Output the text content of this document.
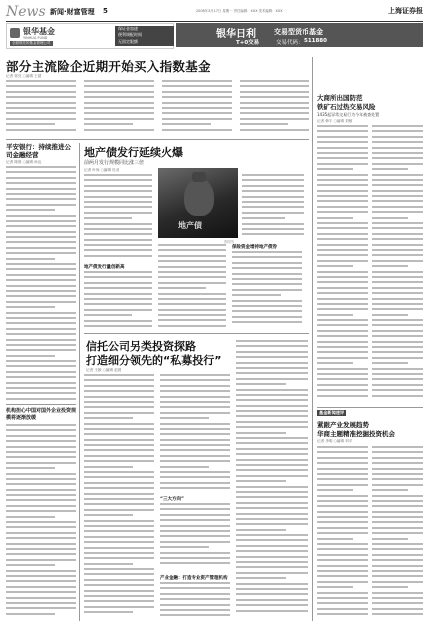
News 新闻·财富管理 5	2008年3月17日 星期一 责任编辑：XXX 美术编辑：XXX	上海证券报
银华基金
YINHUA FUND
全面领先的基金管理公司
保证金加速
便利调配时间
无固定限额
银华日利	交易型货币基金
T+0交易	交易代码： 511880
部分主流险企近期开始买入指数基金
记者 郭亮 ○编辑 王超
平安银行：持续推进公司金融经营
记者 陈晨 ○编辑 孙达
机构担心中国对国外企业投资规模将逐渐放缓
地产债发行延续火爆
前两月发行规模同比涨三倍
记者 叶尚 ○编辑 杜羽
地产债发行量创新高
地产债
资料图
保险资金增持地产债券
信托公司另类投资探路
打造细分领先的“私募投行”
记者 王颖 ○编辑 赵晨
“三大方向”
产业金融：打造专业资产管理机构
大商所出国防范
铁矿石过热交易风险
1435起异常交易行为今年被查处置
记者 韩宇 ○编辑 刘敏
基金新闻速评
紧跟产业发展趋势
华商主题精准挖掘投资机会
记者 李明 ○编辑 刘平
